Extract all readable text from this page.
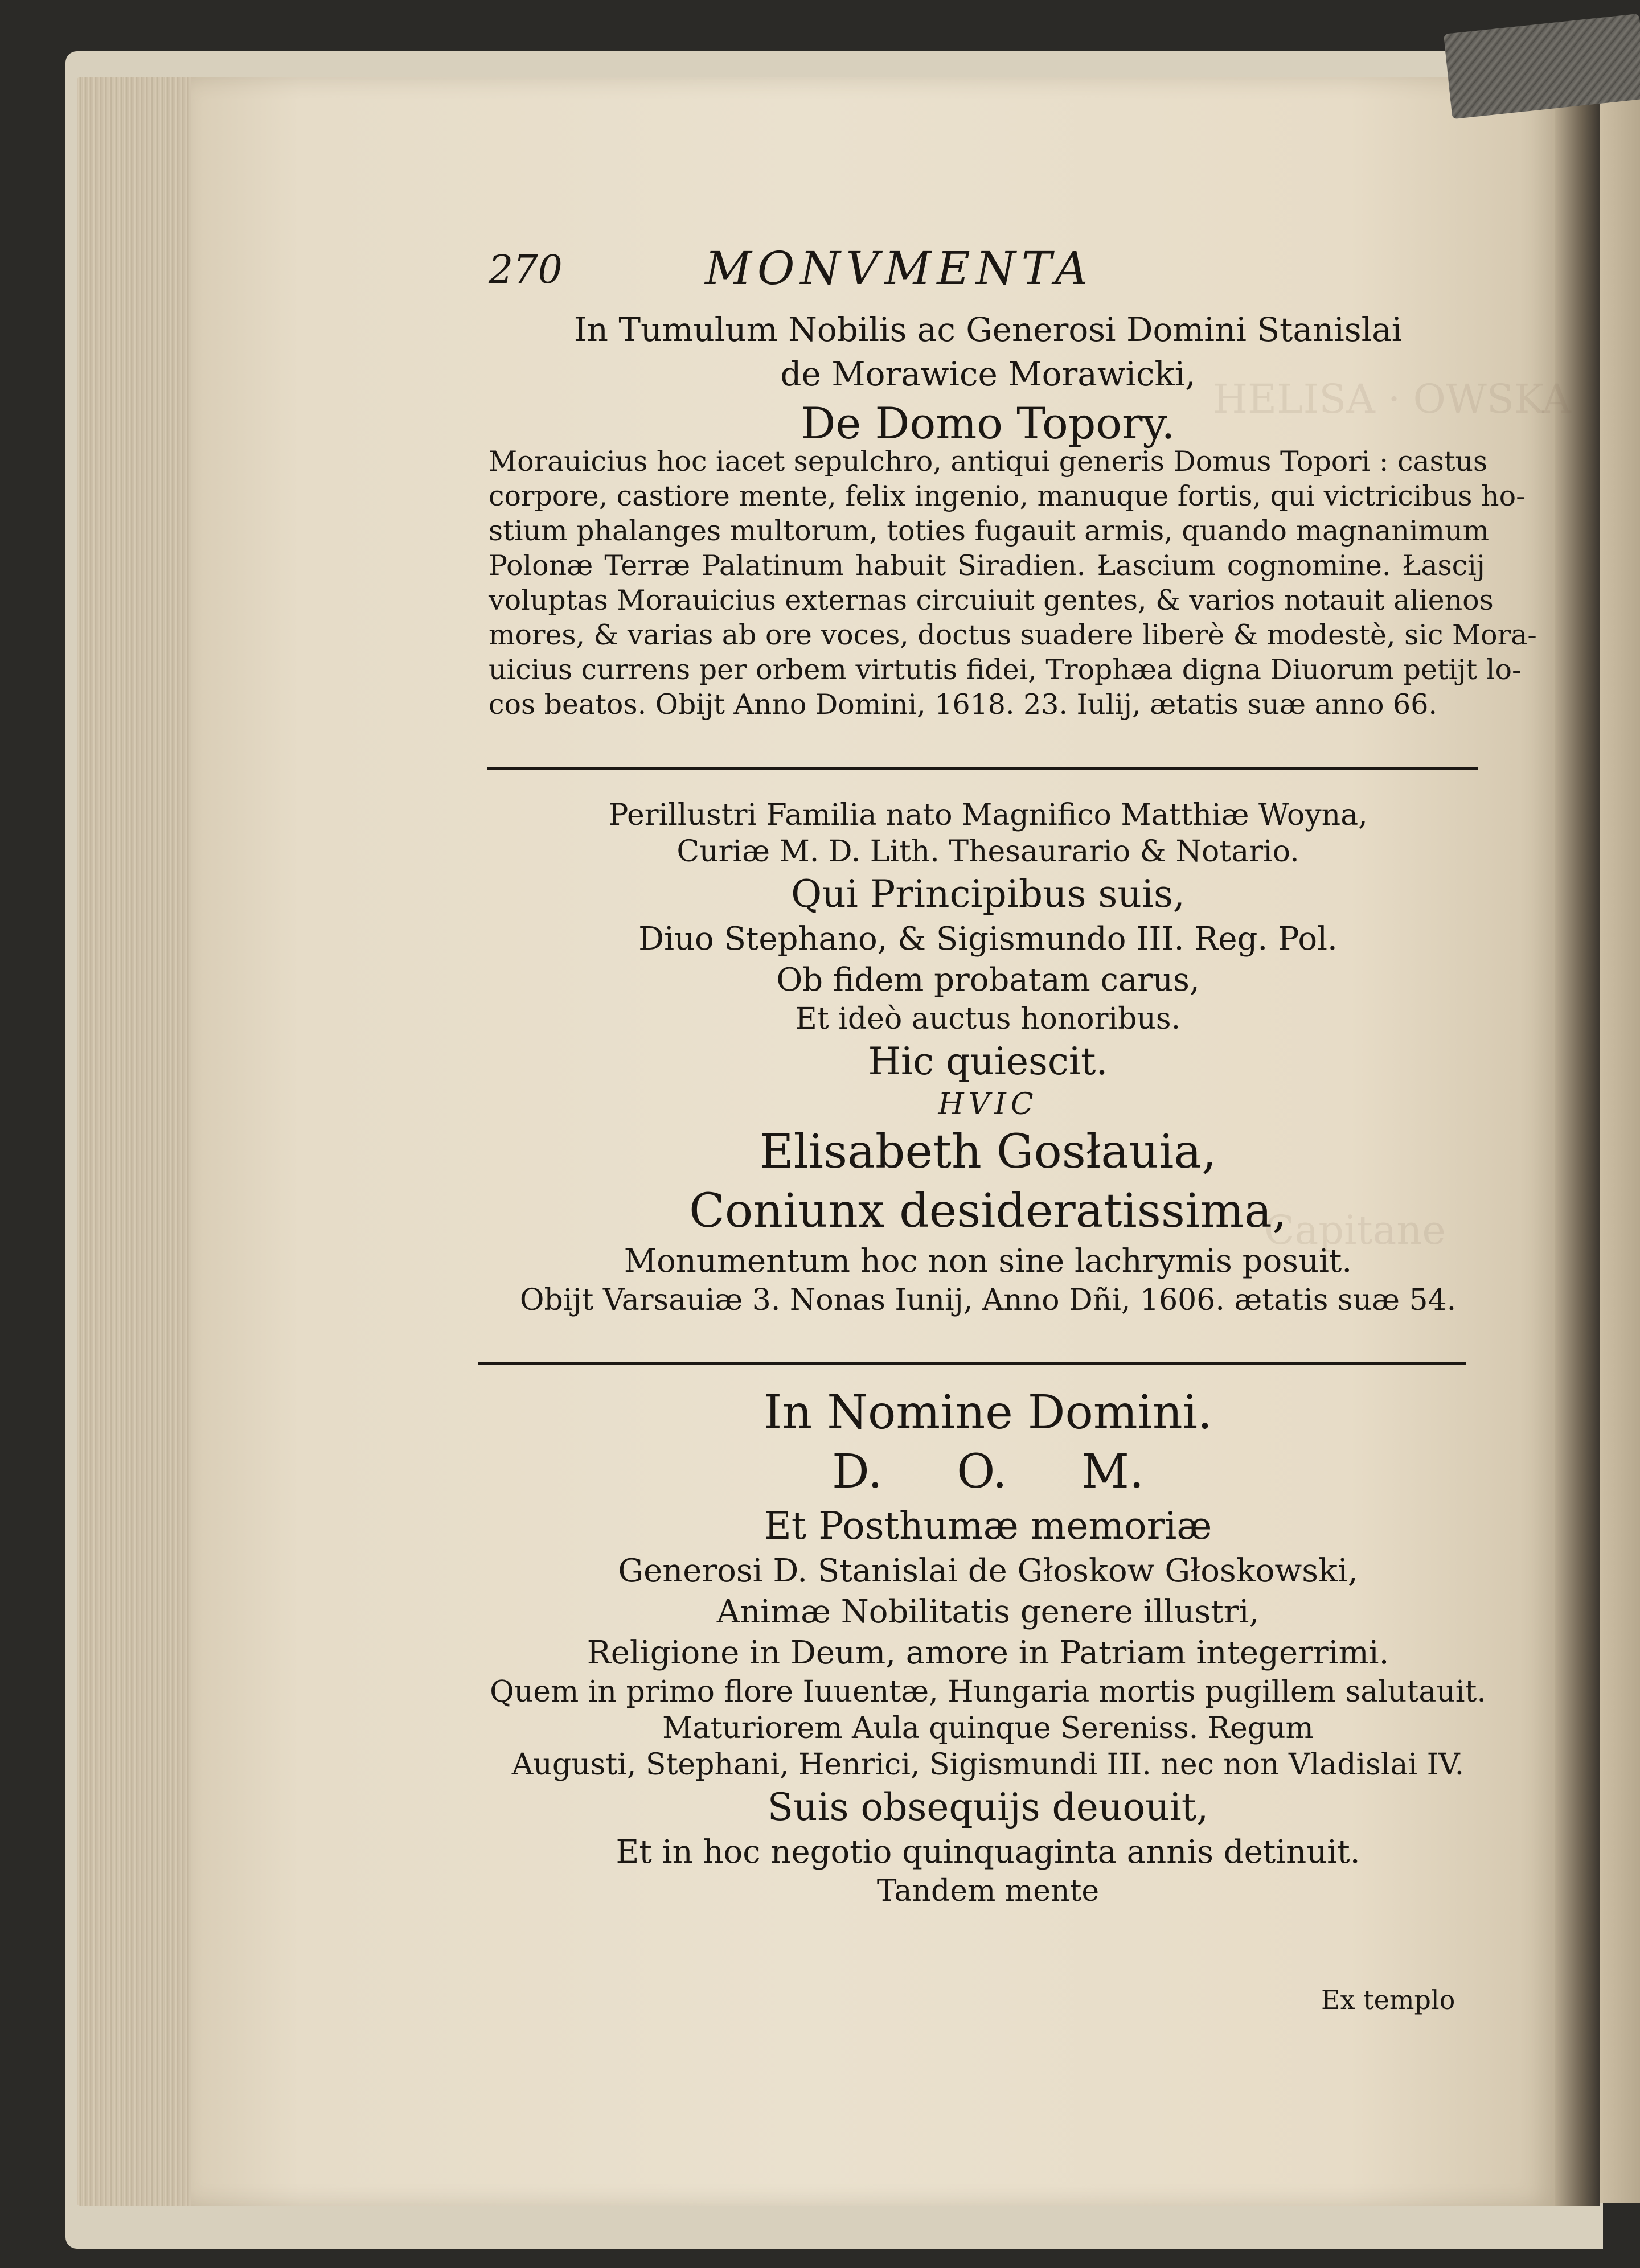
HELISA · OWSKA
Capitane
270	MONVMENTA
In Tumulum Nobilis ac Generosi Domini Stanislai
de Morawice Morawicki,
De Domo Topory.
Morauicius hoc iacet sepulchro, antiqui generis Domus Topori : castus
corpore, castiore mente, felix ingenio, manuque fortis, qui victricibus ho-
stium phalanges multorum, toties fugauit armis, quando magnanimum
Polonæ Terræ Palatinum habuit Siradien. Łascium cognomine. Łascij
voluptas Morauicius externas circuiuit gentes, & varios notauit alienos
mores, & varias ab ore voces, doctus suadere liberè & modestè, sic Mora-
uicius currens per orbem virtutis fidei, Trophæa digna Diuorum petijt lo-
cos beatos. Obijt Anno Domini, 1618. 23. Iulij, ætatis suæ anno 66.
Perillustri Familia nato Magnifico Matthiæ Woyna,
Curiæ M. D. Lith. Thesaurario & Notario.
Qui Principibus suis,
Diuo Stephano, & Sigismundo III. Reg. Pol.
Ob fidem probatam carus,
Et ideò auctus honoribus.
Hic quiescit.
HVIC
Elisabeth Gosłauia,
Coniunx desideratissima,
Monumentum hoc non sine lachrymis posuit.
Obijt Varsauiæ 3. Nonas Iunij, Anno Dñi, 1606. ætatis suæ 54.
In Nomine Domini.
D.     O.     M.
Et Posthumæ memoriæ
Generosi D. Stanislai de Głoskow Głoskowski,
Animæ Nobilitatis genere illustri,
Religione in Deum, amore in Patriam integerrimi.
Quem in primo flore Iuuentæ, Hungaria mortis pugillem salutauit.
Maturiorem Aula quinque Sereniss. Regum
Augusti, Stephani, Henrici, Sigismundi III. nec non Vladislai IV.
Suis obsequijs deuouit,
Et in hoc negotio quinquaginta annis detinuit.
Tandem mente
Ex templo
